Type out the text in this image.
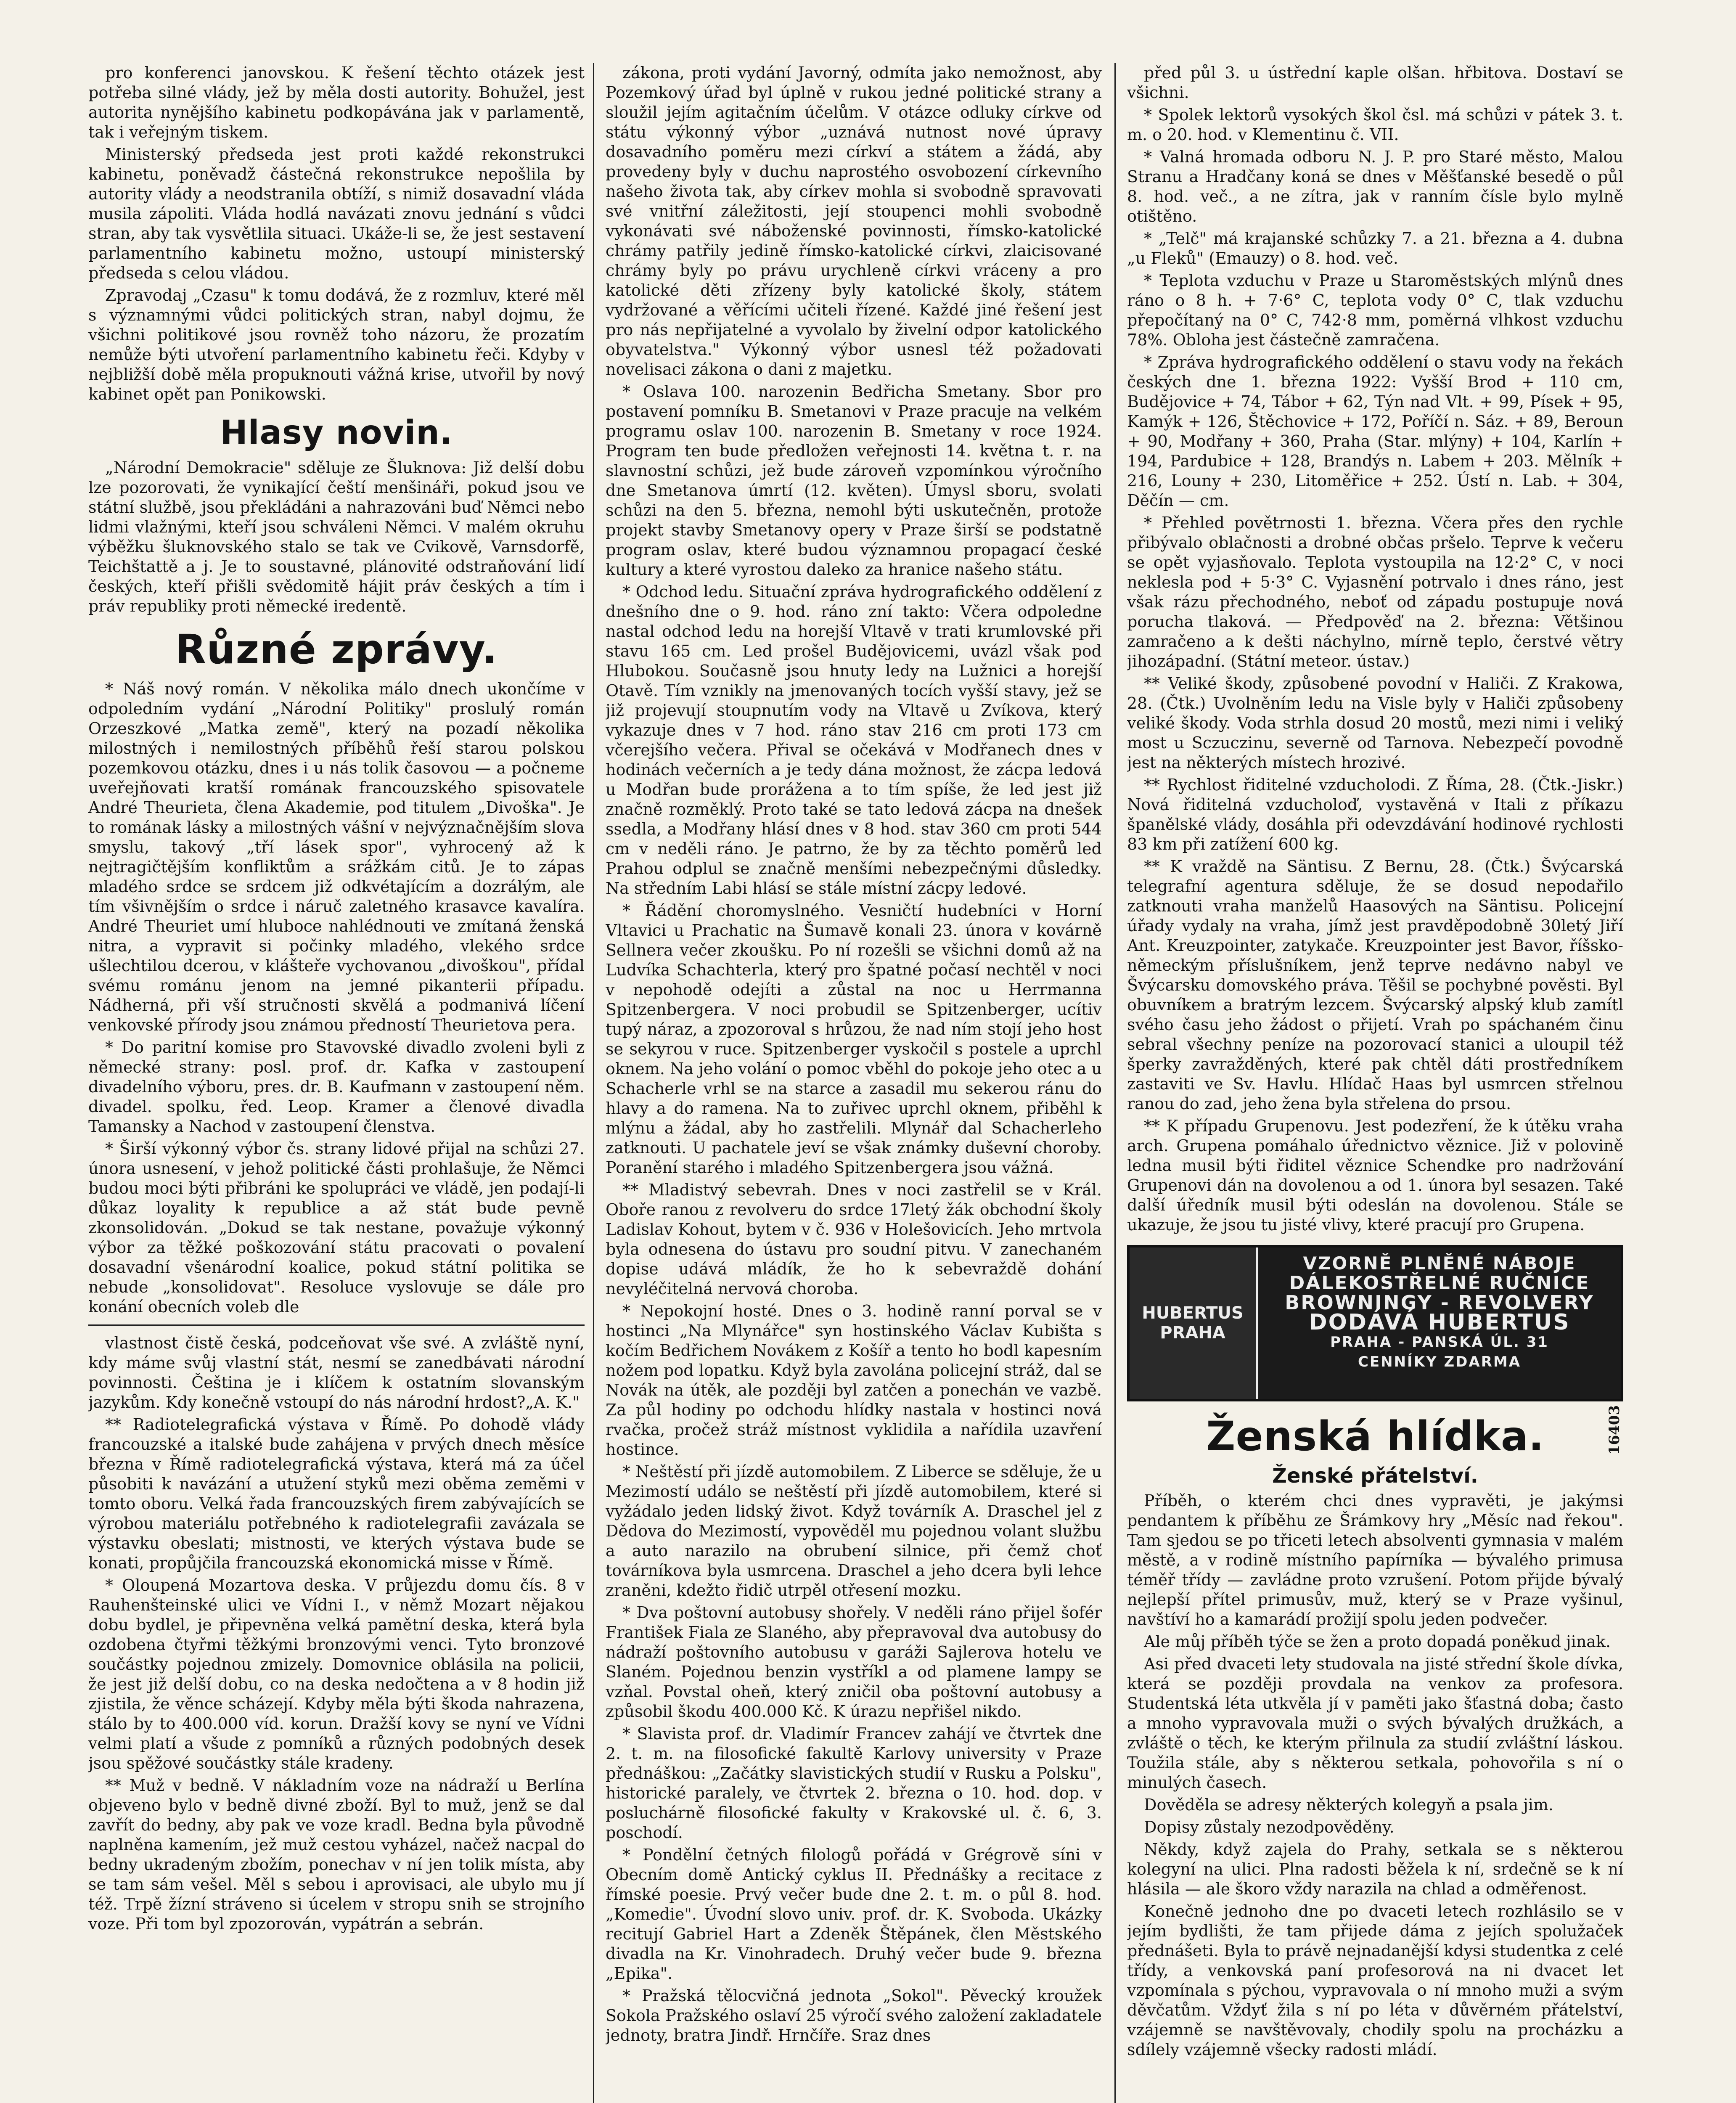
pro konferenci janovskou. K řešení těchto otázek jest potřeba silné vlády, jež by měla dosti autority. Bohužel, jest autorita nynějšího kabinetu podkopávána jak v parlamentě, tak i veřejným tiskem.

Ministerský předseda jest proti každé rekonstrukci kabinetu, poněvadž částečná rekonstrukce nepošlila by autority vlády a neodstranila obtíží, s nimiž dosavadní vláda musila zápoliti. Vláda hodlá navázati znovu jednání s vůdci stran, aby tak vysvětlila situaci. Ukáže-li se, že jest sestavení parlamentního kabinetu možno, ustoupí ministerský předseda s celou vládou.

Zpravodaj „Czasu" k tomu dodává, že z rozmluv, které měl s významnými vůdci politických stran, nabyl dojmu, že všichni politikové jsou rovněž toho názoru, že prozatím nemůže býti utvoření parlamentního kabinetu řeči. Kdyby v nejbližší době měla propuknouti vážná krise, utvořil by nový kabinet opět pan Ponikowski.

Hlasy novin.

„Národní Demokracie" sděluje ze Šluknova: Již delší dobu lze pozorovati, že vynikající čeští menšináři, pokud jsou ve státní službě, jsou překládáni a nahrazováni buď Němci nebo lidmi vlažnými, kteří jsou schváleni Němci. V malém okruhu výběžku šluknovského stalo se tak ve Cvikově, Varnsdorfě, Teichštattě a j. Je to soustavné, plánovité odstraňování lidí českých, kteří přišli svědomitě hájit práv českých a tím i práv republiky proti německé iredentě.

Různé zprávy.

* Náš nový román. V několika málo dnech ukončíme v odpoledním vydání „Národní Politiky" proslulý román Orzeszkové „Matka země", který na pozadí několika milostných i nemilostných příběhů řeší starou polskou pozemkovou otázku, dnes i u nás tolik časovou — a počneme uveřejňovati kratší romának francouzského spisovatele André Theurieta, člena Akademie, pod titulem „Divoška". Je to romának lásky a milostných vášní v nejvýznačnějším slova smyslu, takový „tří lásek spor", vyhrocený až k nejtragičtějším konfliktům a srážkám citů. Je to zápas mladého srdce se srdcem již odkvétajícím a dozrálým, ale tím všivnějším o srdce i náruč zaletného krasavce kavalíra. André Theuriet umí hluboce nahlédnouti ve zmítaná ženská nitra, a vypravit si počinky mladého, vlekého srdce ušlechtilou dcerou, v klášteře vychovanou „divoškou", přídal svému románu jenom na jemné pikanterii případu. Nádherná, při vší stručnosti skvělá a podmanivá líčení venkovské přírody jsou známou předností Theurietova pera.

* Do paritní komise pro Stavovské divadlo zvoleni byli z německé strany: posl. prof. dr. Kafka v zastoupení divadelního výboru, pres. dr. B. Kaufmann v zastoupení něm. divadel. spolku, řed. Leop. Kramer a členové divadla Tamansky a Nachod v zastoupení členstva.

* Širší výkonný výbor čs. strany lidové přijal na schůzi 27. února usnesení, v jehož politické části prohlašuje, že Němci budou moci býti přibráni ke spolupráci ve vládě, jen podají-li důkaz loyality k republice a až stát bude pevně zkonsolidován. „Dokud se tak nestane, považuje výkonný výbor za těžké poškozování státu pracovati o povalení dosavadní všenárodní koalice, pokud státní politika se nebude „konsolidovat". Resoluce vyslovuje se dále pro konání obecních voleb dle

vlastnost čistě česká, podceňovat vše své. A zvláště nyní, kdy máme svůj vlastní stát, nesmí se zanedbávati národní povinnosti. Čeština je i klíčem k ostatním slovanským jazykům. Kdy konečně vstoupí do nás národní hrdost?„A. K."

** Radiotelegrafická výstava v Římě. Po dohodě vlády francouzské a italské bude zahájena v prvých dnech měsíce března v Římě radiotelegrafická výstava, která má za účel působiti k navázání a utužení styků mezi oběma zeměmi v tomto oboru. Velká řada francouzských firem zabývajících se výrobou materiálu potřebného k radiotelegrafii zavázala se výstavku obeslati; mistnosti, ve kterých výstava bude se konati, propůjčila francouzská ekonomická misse v Římě.

* Oloupená Mozartova deska. V průjezdu domu čís. 8 v Rauhenšteinské ulici ve Vídni I., v němž Mozart nějakou dobu bydlel, je připevněna velká pamětní deska, která byla ozdobena čtyřmi těžkými bronzovými venci. Tyto bronzové součástky pojednou zmizely. Domovnice oblásila na policii, že jest již delší dobu, co na deska nedočtena a v 8 hodin již zjistila, že věnce scházejí. Kdyby měla býti škoda nahrazena, stálo by to 400.000 víd. korun. Dražší kovy se nyní ve Vídni velmi platí a všude z pomníků a různých podobných desek jsou spěžové součástky stále kradeny.

** Muž v bedně. V nákladním voze na nádraží u Berlína objeveno bylo v bedně divné zboží. Byl to muž, jenž se dal zavřít do bedny, aby pak ve voze kradl. Bedna byla původně naplněna kamením, jež muž cestou vyházel, načež nacpal do bedny ukradeným zbožím, ponechav v ní jen tolik místa, aby se tam sám vešel. Měl s sebou i aprovisaci, ale ubylo mu jí též. Trpě žízní stráveno si úcelem v stropu snih se strojního voze. Při tom byl zpozorován, vypátrán a sebrán.

zákona, proti vydání Javorný, odmíta jako nemožnost, aby Pozemkový úřad byl úplně v rukou jedné politické strany a sloužil jejím agitačním účelům. V otázce odluky církve od státu výkonný výbor „uznává nutnost nové úpravy dosavadního poměru mezi církví a státem a žádá, aby provedeny byly v duchu naprostého osvobození církevního našeho života tak, aby církev mohla si svobodně spravovati své vnitřní záležitosti, její stoupenci mohli svobodně vykonávati své náboženské povinnosti, římsko-katolické chrámy patřily jedině římsko-katolické církvi, zlaicisované chrámy byly po právu urychleně církvi vráceny a pro katolické děti zřízeny byly katolické školy, státem vydržované a věřícími učiteli řízené. Každé jiné řešení jest pro nás nepřijatelné a vyvolalo by živelní odpor katolického obyvatelstva." Výkonný výbor usnesl též požadovati novelisaci zákona o dani z majetku.

* Oslava 100. narozenin Bedřicha Smetany. Sbor pro postavení pomníku B. Smetanovi v Praze pracuje na velkém programu oslav 100. narozenin B. Smetany v roce 1924. Program ten bude předložen veřejnosti 14. května t. r. na slavnostní schůzi, jež bude zároveň vzpomínkou výročního dne Smetanova úmrtí (12. květen). Úmysl sboru, svolati schůzi na den 5. března, nemohl býti uskutečněn, protože projekt stavby Smetanovy opery v Praze širší se podstatně program oslav, které budou významnou propagací české kultury a které vyrostou daleko za hranice našeho státu.

* Odchod ledu. Situační zpráva hydrografického oddělení z dnešního dne o 9. hod. ráno zní takto: Včera odpoledne nastal odchod ledu na horejší Vltavě v trati krumlovské při stavu 165 cm. Led prošel Budějovicemi, uvázl však pod Hlubokou. Současně jsou hnuty ledy na Lužnici a horejší Otavě. Tím vznikly na jmenovaných tocích vyšší stavy, jež se již projevují stoupnutím vody na Vltavě u Zvíkova, který vykazuje dnes v 7 hod. ráno stav 216 cm proti 173 cm včerejšího večera. Přival se očekává v Modřanech dnes v hodinách večerních a je tedy dána možnost, že zácpa ledová u Modřan bude prorážena a to tím spíše, že led jest již značně rozměklý. Proto také se tato ledová zácpa na dnešek ssedla, a Modřany hlásí dnes v 8 hod. stav 360 cm proti 544 cm v neděli ráno. Je patrno, že by za těchto poměrů led Prahou odplul se značně menšími nebezpečnými důsledky. Na středním Labi hlásí se stále místní zácpy ledové.

* Řádění choromyslného. Vesničtí hudebníci v Horní Vltavici u Prachatic na Šumavě konali 23. února v kovárně Sellnera večer zkoušku. Po ní rozešli se všichni domů až na Ludvíka Schachterla, který pro špatné počasí nechtěl v noci v nepohodě odejíti a zůstal na noc u Herrmanna Spitzenbergera. V noci probudil se Spitzenberger, ucítiv tupý náraz, a zpozoroval s hrůzou, že nad ním stojí jeho host se sekyrou v ruce. Spitzenberger vyskočil s postele a uprchl oknem. Na jeho volání o pomoc vběhl do pokoje jeho otec a u Schacherle vrhl se na starce a zasadil mu sekerou ránu do hlavy a do ramena. Na to zuřivec uprchl oknem, přiběhl k mlýnu a žádal, aby ho zastřelili. Mlynář dal Schacherleho zatknouti. U pachatele jeví se však známky duševní choroby. Poranění starého i mladého Spitzenbergera jsou vážná.

** Mladistvý sebevrah. Dnes v noci zastřelil se v Král. Oboře ranou z revolveru do srdce 17letý žák obchodní školy Ladislav Kohout, bytem v č. 936 v Holešovicích. Jeho mrtvola byla odnesena do ústavu pro soudní pitvu. V zanechaném dopise udává mládík, že ho k sebevraždě dohání nevyléčitelná nervová choroba.

* Nepokojní hosté. Dnes o 3. hodině ranní porval se v hostinci „Na Mlynářce" syn hostinského Václav Kubišta s kočím Bedřichem Novákem z Košíř a tento ho bodl kapesním nožem pod lopatku. Když byla zavolána policejní stráž, dal se Novák na útěk, ale později byl zatčen a ponechán ve vazbě. Za půl hodiny po odchodu hlídky nastala v hostinci nová rvačka, pročež stráž místnost vyklidila a nařídila uzavření hostince.

* Neštěstí při jízdě automobilem. Z Liberce se sděluje, že u Mezimostí událo se neštěstí při jízdě automobilem, které si vyžádalo jeden lidský život. Když továrník A. Draschel jel z Dědova do Mezimostí, vypověděl mu pojednou volant službu a auto narazilo na obrubení silnice, při čemž choť továrníkova byla usmrcena. Draschel a jeho dcera byli lehce zraněni, kdežto řidič utrpěl otřesení mozku.

* Dva poštovní autobusy shořely. V neděli ráno přijel šofér František Fiala ze Slaného, aby přepravoval dva autobusy do nádraží poštovního autobusu v garáži Sajlerova hotelu ve Slaném. Pojednou benzin vystříkl a od plamene lampy se vzňal. Povstal oheň, který zničil oba poštovní autobusy a způsobil škodu 400.000 Kč. K úrazu nepřišel nikdo.

* Slavista prof. dr. Vladimír Francev zahájí ve čtvrtek dne 2. t. m. na filosofické fakultě Karlovy university v Praze přednáškou: „Začátky slavistických studií v Rusku a Polsku", historické paralely, ve čtvrtek 2. března o 10. hod. dop. v posluchárně filosofické fakulty v Krakovské ul. č. 6, 3. poschodí.

* Pondělní četných filologů pořádá v Grégrově síni v Obecním domě Antický cyklus II. Přednášky a recitace z římské poesie. Prvý večer bude dne 2. t. m. o půl 8. hod. „Komedie". Úvodní slovo univ. prof. dr. K. Svoboda. Ukázky recitují Gabriel Hart a Zdeněk Štěpánek, člen Městského divadla na Kr. Vinohradech. Druhý večer bude 9. března „Epika".

* Pražská tělocvičná jednota „Sokol". Pěvecký kroužek Sokola Pražského oslaví 25 výročí svého založení zakladatele jednoty, bratra Jindř. Hrnčíře. Sraz dnes

před půl 3. u ústřední kaple olšan. hřbitova. Dostaví se všichni.

* Spolek lektorů vysokých škol čsl. má schůzi v pátek 3. t. m. o 20. hod. v Klementinu č. VII.

* Valná hromada odboru N. J. P. pro Staré město, Malou Stranu a Hradčany koná se dnes v Měšťanské besedě o půl 8. hod. več., a ne zítra, jak v ranním čísle bylo mylně otištěno.

* „Telč" má krajanské schůzky 7. a 21. března a 4. dubna „u Fleků" (Emauzy) o 8. hod. več.

* Teplota vzduchu v Praze u Staroměstských mlýnů dnes ráno o 8 h. + 7·6° C, teplota vody 0° C, tlak vzduchu přepočítaný na 0° C, 742·8 mm, poměrná vlhkost vzduchu 78%. Obloha jest částečně zamračena.

* Zpráva hydrografického oddělení o stavu vody na řekách českých dne 1. března 1922: Vyšší Brod + 110 cm, Budějovice + 74, Tábor + 62, Týn nad Vlt. + 99, Písek + 95, Kamýk + 126, Štěchovice + 172, Poříčí n. Sáz. + 89, Beroun + 90, Modřany + 360, Praha (Star. mlýny) + 104, Karlín + 194, Pardubice + 128, Brandýs n. Labem + 203. Mělník + 216, Louny + 230, Litoměřice + 252. Ústí n. Lab. + 304, Děčín — cm.

* Přehled povětrnosti 1. března. Včera přes den rychle přibývalo oblačnosti a drobné občas pršelo. Teprve k večeru se opět vyjasňovalo. Teplota vystoupila na 12·2° C, v noci neklesla pod + 5·3° C. Vyjasnění potrvalo i dnes ráno, jest však rázu přechodného, neboť od západu postupuje nová porucha tlaková. — Předpověď na 2. března: Většinou zamračeno a k dešti náchylno, mírně teplo, čerstvé větry jihozápadní. (Státní meteor. ústav.)

** Veliké škody, způsobené povodní v Haliči. Z Krakowa, 28. (Čtk.) Uvolněním ledu na Visle byly v Haliči způsobeny veliké škody. Voda strhla dosud 20 mostů, mezi nimi i veliký most u Sczuczinu, severně od Tarnova. Nebezpečí povodně jest na některých místech hrozivé.

** Rychlost řiditelné vzducholodi. Z Říma, 28. (Čtk.-Jiskr.) Nová řiditelná vzducholoď, vystavěná v Itali z příkazu španělské vlády, dosáhla při odevzdávání hodinové rychlosti 83 km při zatížení 600 kg.

** K vraždě na Säntisu. Z Bernu, 28. (Čtk.) Švýcarská telegrafní agentura sděluje, že se dosud nepodařilo zatknouti vraha manželů Haasových na Säntisu. Policejní úřady vydaly na vraha, jímž jest pravděpodobně 30letý Jiří Ant. Kreuzpointer, zatykače. Kreuzpointer jest Bavor, říšsko-německým příslušníkem, jenž teprve nedávno nabyl ve Švýcarsku domovského práva. Těšil se pochybné pověsti. Byl obuvníkem a bratrým lezcem. Švýcarský alpský klub zamítl svého času jeho žádost o přijetí. Vrah po spáchaném činu sebral všechny peníze na pozorovací stanici a uloupil též šperky zavražděných, které pak chtěl dáti prostředníkem zastaviti ve Sv. Havlu. Hlídač Haas byl usmrcen střelnou ranou do zad, jeho žena byla střelena do prsou.

** K případu Grupenovu. Jest podezření, že k útěku vraha arch. Grupena pomáhalo úřednictvo věznice. Již v polovině ledna musil býti řiditel věznice Schendke pro nadržování Grupenovi dán na dovolenou a od 1. února byl sesazen. Také další úředník musil býti odeslán na dovolenou. Stále se ukazuje, že jsou tu jisté vlivy, které pracují pro Grupena.

HUBERTUS
PRAHA
VZORNĚ PLNĚNÉ NÁBOJE
DÁLEKOSTŘELNÉ RUČNICE
BROWNINGY - REVOLVERY
DODÁVÁ HUBERTUS
PRAHA - PANSKÁ ÚL. 31
CENNÍKY ZDARMA
Ženská hlídka.
Ženské přátelství.

Příběh, o kterém chci dnes vypravěti, je jakýmsi pendantem k příběhu ze Šrámkovy hry „Měsíc nad řekou". Tam sjedou se po třiceti letech absolventi gymnasia v malém městě, a v rodině místního papírníka — bývalého primusa téměř třídy — zavládne proto vzrušení. Potom přijde bývalý nejlepší přítel primusův, muž, který se v Praze vyšinul, navštíví ho a kamarádí prožijí spolu jeden podvečer.

Ale můj příběh týče se žen a proto dopadá poněkud jinak.

Asi před dvaceti lety studovala na jisté střední škole dívka, která se později provdala na venkov za profesora. Studentská léta utkvěla jí v paměti jako šťastná doba; často a mnoho vypravovala muži o svých bývalých družkách, a zvláště o těch, ke kterým přilnula za studií zvláštní láskou. Toužila stále, aby s některou setkala, pohovořila s ní o minulých časech.

Dověděla se adresy některých kolegyň a psala jim.

Dopisy zůstaly nezodpověděny.

Někdy, když zajela do Prahy, setkala se s některou kolegyní na ulici. Plna radosti běžela k ní, srdečně se k ní hlásila — ale škoro vždy narazila na chlad a odměřenost.

Konečně jednoho dne po dvaceti letech rozhlásilo se v jejím bydlišti, že tam přijede dáma z jejích spolužaček přednášeti. Byla to právě nejnadanější kdysi studentka z celé třídy, a venkovská paní profesorová na ni dvacet let vzpomínala s pýchou, vypravovala o ní mnoho muži a svým děvčatům. Vždyť žila s ní po léta v důvěrném přátelství, vzájemně se navštěvovaly, chodily spolu na procházku a sdílely vzájemně všecky radosti mládí.

16403
